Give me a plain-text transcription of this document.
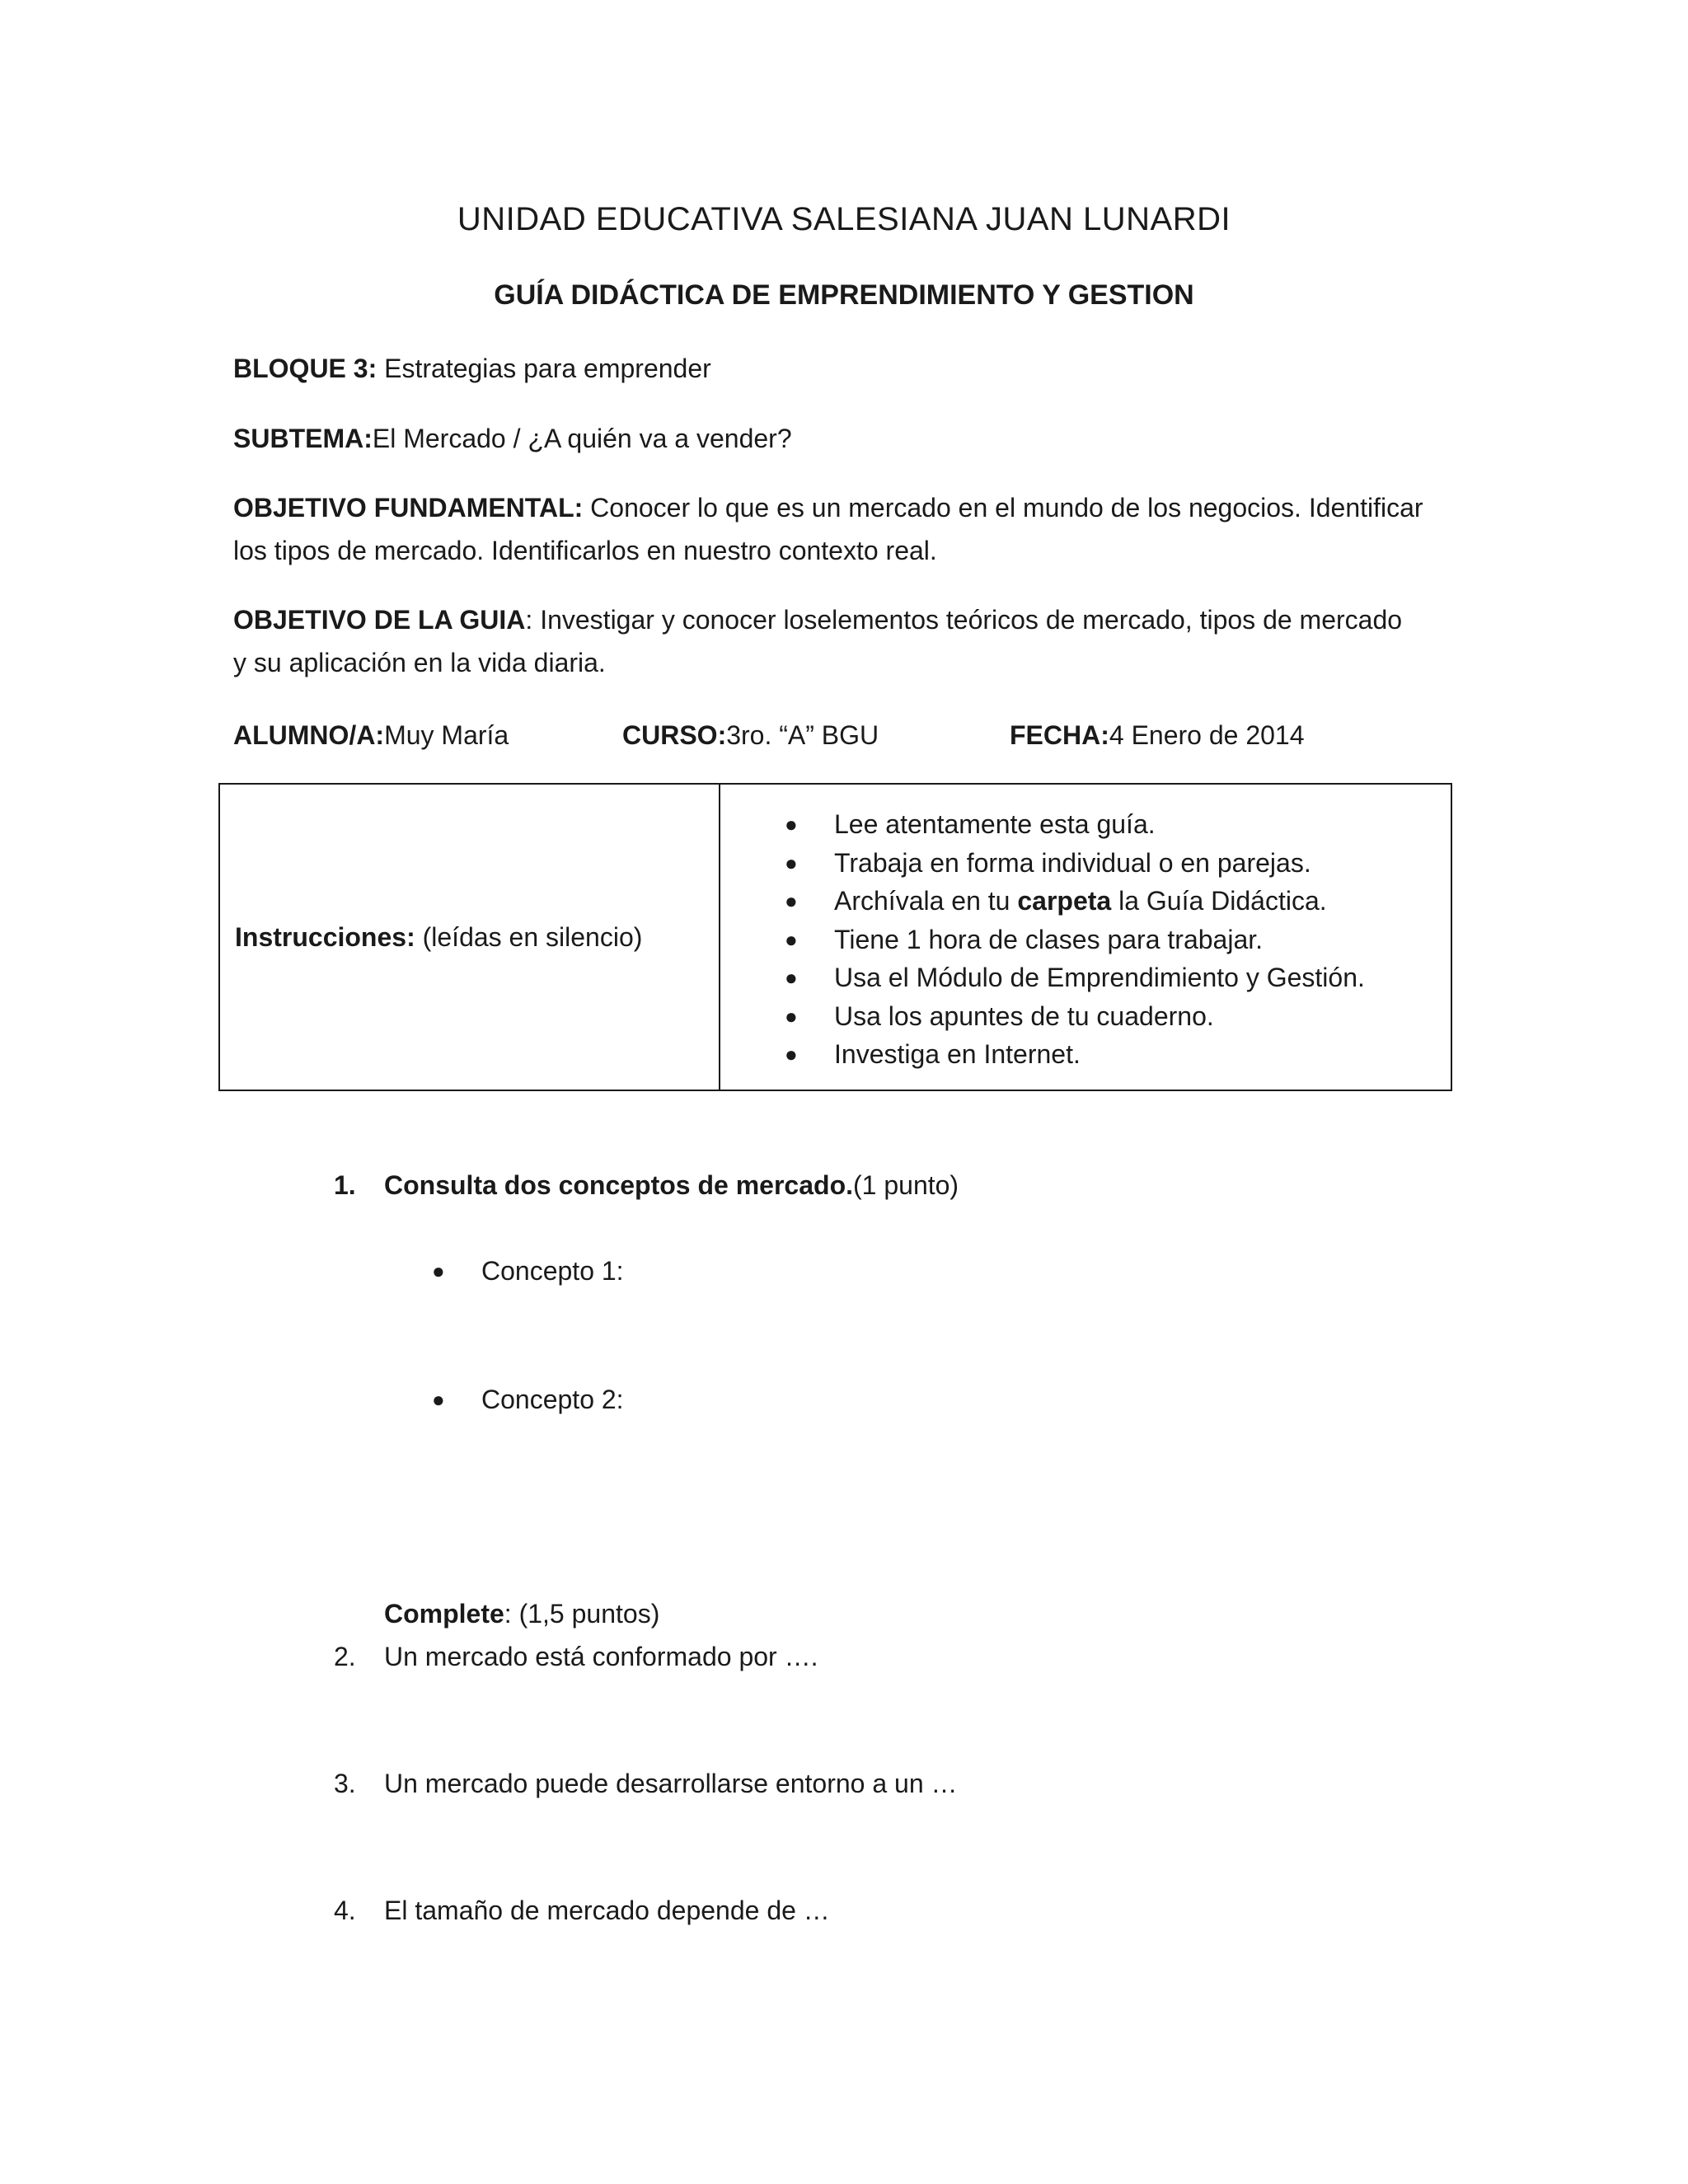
UNIDAD EDUCATIVA SALESIANA JUAN LUNARDI
GUÍA DIDÁCTICA DE EMPRENDIMIENTO Y GESTION
BLOQUE 3: Estrategias para emprender
SUBTEMA:El Mercado / ¿A quién va a vender?
OBJETIVO FUNDAMENTAL: Conocer lo que es un mercado en el mundo de los negocios. Identificar
los tipos de mercado. Identificarlos en nuestro contexto real.
OBJETIVO DE LA GUIA: Investigar y conocer loselementos teóricos de mercado, tipos de mercado
y su aplicación en la vida diaria.
ALUMNO/A:Muy María	CURSO:3ro. “A” BGU	FECHA:4 Enero de 2014
Instrucciones: (leídas en silencio)	
● Lee atentamente esta guía.
● Trabaja en forma individual o en parejas.
● Archívala en tu carpeta la Guía Didáctica.
● Tiene 1 hora de clases para trabajar.
● Usa el Módulo de Emprendimiento y Gestión.
● Usa los apuntes de tu cuaderno.
● Investiga en Internet.
1.	Consulta dos conceptos de mercado.(1 punto)
● Concepto 1:
● Concepto 2:
Complete: (1,5 puntos)
2.	Un mercado está conformado por ….
3.	Un mercado puede desarrollarse entorno a un …
4.	El tamaño de mercado depende de …
